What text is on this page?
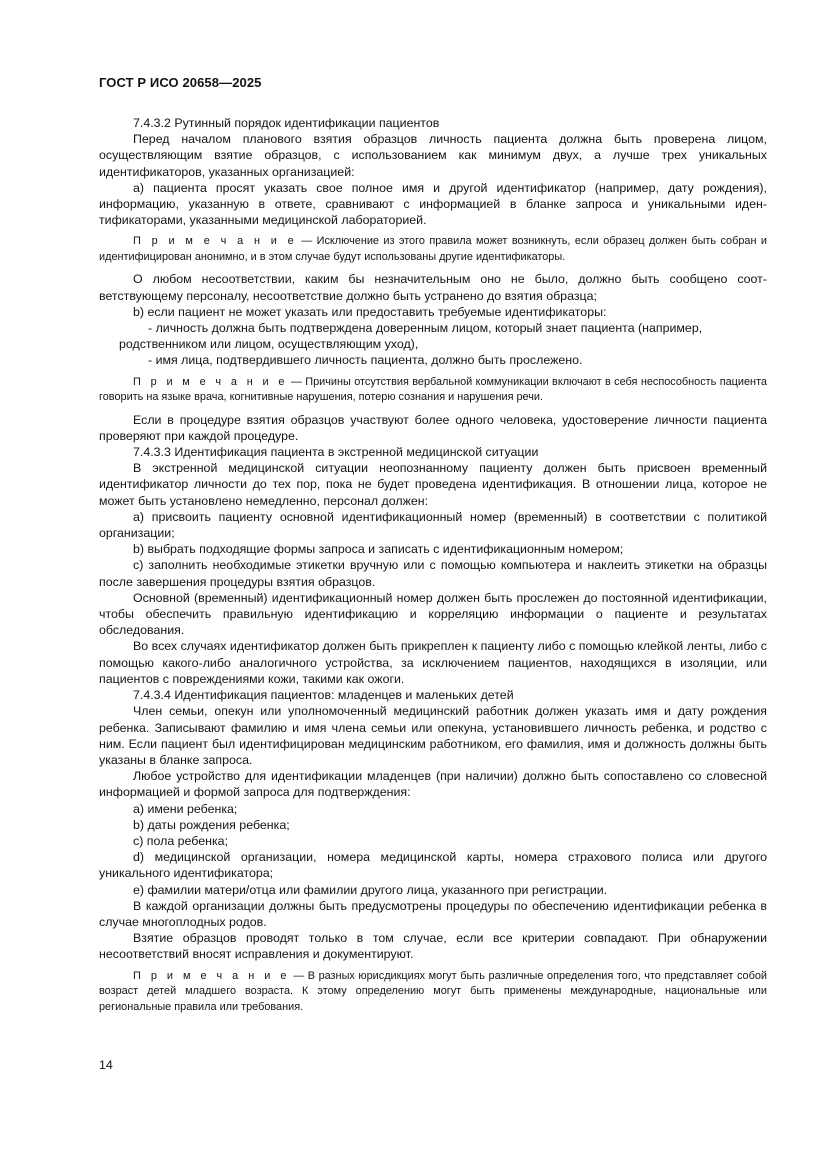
ГОСТ Р ИСО 20658—2025

7.4.3.2 Рутинный порядок идентификации пациентов

Перед началом планового взятия образцов личность пациента должна быть проверена лицом, осуществляющим взятие образцов, с использованием как минимум двух, а лучше трех уникальных идентификаторов, указанных организацией:

a) пациента просят указать свое полное имя и другой идентификатор (например, дату рождения), информацию, указанную в ответе, сравнивают с информацией в бланке запроса и уникальными идентификаторами, указанными медицинской лабораторией.

П р и м е ч а н и е — Исключение из этого правила может возникнуть, если образец должен быть собран и идентифицирован анонимно, и в этом случае будут использованы другие идентификаторы.

О любом несоответствии, каким бы незначительным оно не было, должно быть сообщено соответствующему персоналу, несоответствие должно быть устранено до взятия образца;

b) если пациент не может указать или предоставить требуемые идентификаторы:

- личность должна быть подтверждена доверенным лицом, который знает пациента (например,

родственником или лицом, осуществляющим уход),

- имя лица, подтвердившего личность пациента, должно быть прослежено.

П р и м е ч а н и е — Причины отсутствия вербальной коммуникации включают в себя неспособность пациента говорить на языке врача, когнитивные нарушения, потерю сознания и нарушения речи.

Если в процедуре взятия образцов участвуют более одного человека, удостоверение личности пациента проверяют при каждой процедуре.

7.4.3.3 Идентификация пациента в экстренной медицинской ситуации

В экстренной медицинской ситуации неопознанному пациенту должен быть присвоен временный идентификатор личности до тех пор, пока не будет проведена идентификация. В отношении лица, которое не может быть установлено немедленно, персонал должен:

a) присвоить пациенту основной идентификационный номер (временный) в соответствии с политикой организации;

b) выбрать подходящие формы запроса и записать с идентификационным номером;

c) заполнить необходимые этикетки вручную или с помощью компьютера и наклеить этикетки на образцы после завершения процедуры взятия образцов.

Основной (временный) идентификационный номер должен быть прослежен до постоянной идентификации, чтобы обеспечить правильную идентификацию и корреляцию информации о пациенте и результатах обследования.

Во всех случаях идентификатор должен быть прикреплен к пациенту либо с помощью клейкой ленты, либо с помощью какого-либо аналогичного устройства, за исключением пациентов, находящихся в изоляции, или пациентов с повреждениями кожи, такими как ожоги.

7.4.3.4 Идентификация пациентов: младенцев и маленьких детей

Член семьи, опекун или уполномоченный медицинский работник должен указать имя и дату рождения ребенка. Записывают фамилию и имя члена семьи или опекуна, установившего личность ребенка, и родство с ним. Если пациент был идентифицирован медицинским работником, его фамилия, имя и должность должны быть указаны в бланке запроса.

Любое устройство для идентификации младенцев (при наличии) должно быть сопоставлено со словесной информацией и формой запроса для подтверждения:

a) имени ребенка;

b) даты рождения ребенка;

c) пола ребенка;

d) медицинской организации, номера медицинской карты, номера страхового полиса или другого уникального идентификатора;

e) фамилии матери/отца или фамилии другого лица, указанного при регистрации.

В каждой организации должны быть предусмотрены процедуры по обеспечению идентификации ребенка в случае многоплодных родов.

Взятие образцов проводят только в том случае, если все критерии совпадают. При обнаружении несоответствий вносят исправления и документируют.

П р и м е ч а н и е — В разных юрисдикциях могут быть различные определения того, что представляет собой возраст детей младшего возраста. К этому определению могут быть применены международные, национальные или региональные правила или требования.

14
